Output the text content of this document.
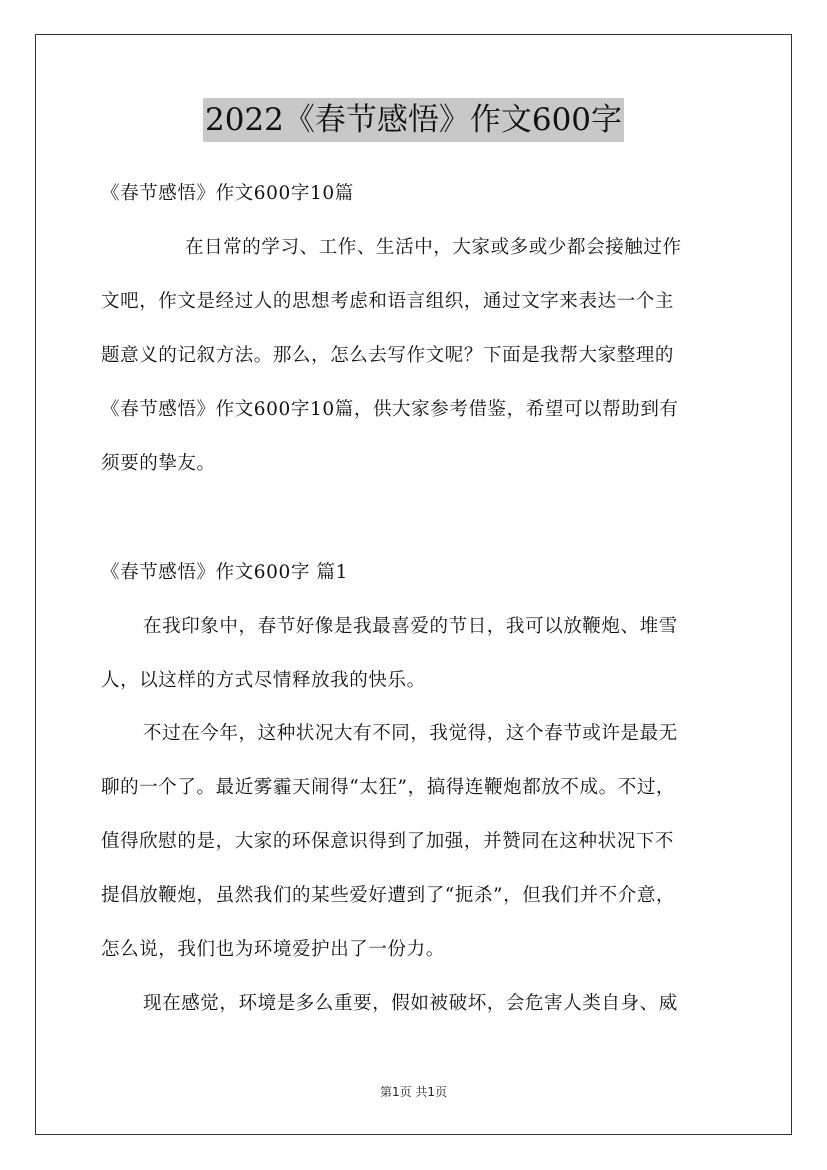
2022《春节感悟》作文600字
《春节感悟》作文600字10篇
在日常的学习、工作、生活中，大家或多或少都会接触过作
文吧，作文是经过人的思想考虑和语言组织，通过文字来表达一个主
题意义的记叙方法。那么，怎么去写作文呢？下面是我帮大家整理的
《春节感悟》作文600字10篇，供大家参考借鉴，希望可以帮助到有
须要的挚友。
《春节感悟》作文600字 篇1
在我印象中，春节好像是我最喜爱的节日，我可以放鞭炮、堆雪
人，以这样的方式尽情释放我的快乐。
不过在今年，这种状况大有不同，我觉得，这个春节或许是最无
聊的一个了。最近雾霾天闹得“太狂”，搞得连鞭炮都放不成。不过，
值得欣慰的是，大家的环保意识得到了加强，并赞同在这种状况下不
提倡放鞭炮，虽然我们的某些爱好遭到了“扼杀”，但我们并不介意，
怎么说，我们也为环境爱护出了一份力。
现在感觉，环境是多么重要，假如被破坏，会危害人类自身、威
第1页 共1页
